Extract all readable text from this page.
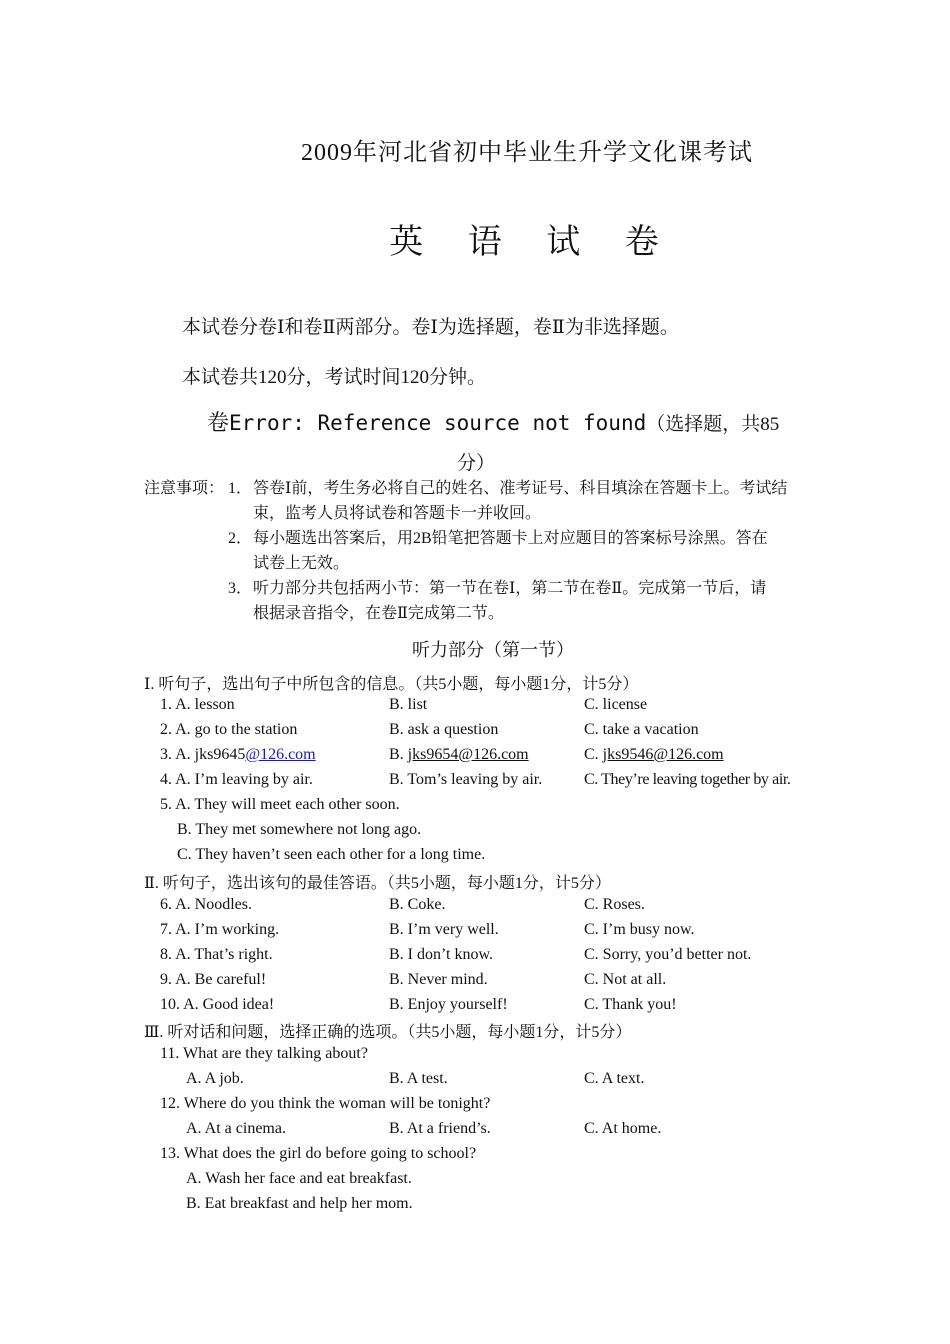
2009年河北省初中毕业生升学文化课考试
英 语 试 卷
本试卷分卷Ⅰ和卷Ⅱ两部分。卷Ⅰ为选择题，卷Ⅱ为非选择题。
本试卷共120分，考试时间120分钟。
卷Error: Reference source not found（选择题，共85
分）
注意事项： 1． 答卷Ⅰ前，考生务必将自己的姓名、准考证号、科目填涂在答题卡上。考试结
束，监考人员将试卷和答题卡一并收回。
2． 每小题选出答案后，用2B铅笔把答题卡上对应题目的答案标号涂黑。答在
试卷上无效。
3． 听力部分共包括两小节：第一节在卷Ⅰ，第二节在卷Ⅱ。完成第一节后，请
根据录音指令，在卷Ⅱ完成第二节。
听力部分（第一节）
Ⅰ. 听句子，选出句子中所包含的信息。（共5小题，每小题1分，计5分）
1. A. lesson	B. list	C. license
2. A. go to the station	B. ask a question	C. take a vacation
3. A. jks9645@126.com	B. jks9654@126.com	C. jks9546@126.com
4. A. I’m leaving by air.	B. Tom’s leaving by air.	C. They’re leaving together by air.
5. A. They will meet each other soon.
B. They met somewhere not long ago.
C. They haven’t seen each other for a long time.
Ⅱ. 听句子，选出该句的最佳答语。（共5小题，每小题1分，计5分）
6. A. Noodles.	B. Coke.	C. Roses.
7. A. I’m working.	B. I’m very well.	C. I’m busy now.
8. A. That’s right.	B. I don’t know.	C. Sorry, you’d better not.
9. A. Be careful!	B. Never mind.	C. Not at all.
10. A. Good idea!	B. Enjoy yourself!	C. Thank you!
Ⅲ. 听对话和问题，选择正确的选项。（共5小题，每小题1分，计5分）
11. What are they talking about?
A. A job.	B. A test.	C. A text.
12. Where do you think the woman will be tonight?
A. At a cinema.	B. At a friend’s.	C. At home.
13. What does the girl do before going to school?
A. Wash her face and eat breakfast.
B. Eat breakfast and help her mom.
